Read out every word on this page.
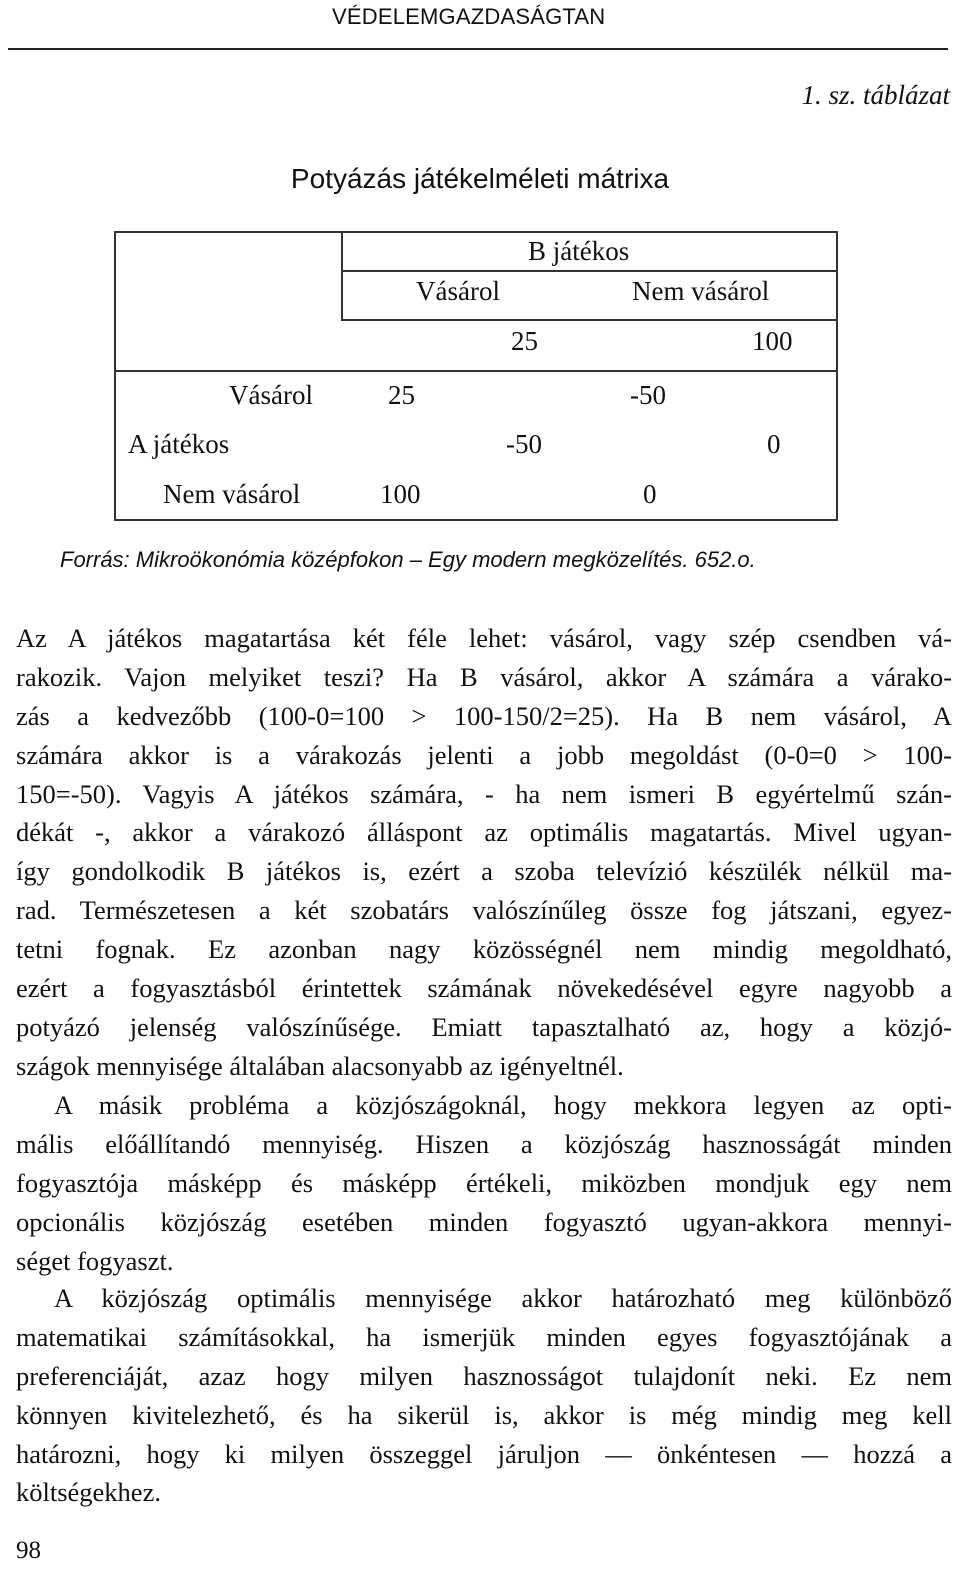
VÉDELEMGAZDASÁGTAN
1. sz. táblázat
Potyázás játékelméleti mátrixa
B játékos
Vásárol	Nem vásárol
25	100
Vásárol	25	-50
A játékos	-50	0
Nem vásárol	100	0
Forrás: Mikroökonómia középfokon – Egy modern megközelítés. 652.o.
Az A játékos magatartása két féle lehet: vásárol, vagy szép csendben vá-
rakozik. Vajon melyiket teszi? Ha B vásárol, akkor A számára a várako-
zás a kedvezőbb (100-0=100 > 100-150/2=25). Ha B nem vásárol, A
számára akkor is a várakozás jelenti a jobb megoldást (0-0=0 > 100-
150=-50). Vagyis A játékos számára, - ha nem ismeri B egyértelmű szán-
dékát -, akkor a várakozó álláspont az optimális magatartás. Mivel ugyan-
így gondolkodik B játékos is, ezért a szoba televízió készülék nélkül ma-
rad. Természetesen a két szobatárs valószínűleg össze fog játszani, egyez-
tetni fognak. Ez azonban nagy közösségnél nem mindig megoldható,
ezért a fogyasztásból érintettek számának növekedésével egyre nagyobb a
potyázó jelenség valószínűsége. Emiatt tapasztalható az, hogy a közjó-
szágok mennyisége általában alacsonyabb az igényeltnél.
A másik probléma a közjószágoknál, hogy mekkora legyen az opti-
mális előállítandó mennyiség. Hiszen a közjószág hasznosságát minden
fogyasztója másképp és másképp értékeli, miközben mondjuk egy nem
opcionális közjószág esetében minden fogyasztó ugyan-akkora mennyi-
séget fogyaszt.
A közjószág optimális mennyisége akkor határozható meg különböző
matematikai számításokkal, ha ismerjük minden egyes fogyasztójának a
preferenciáját, azaz hogy milyen hasznosságot tulajdonít neki. Ez nem
könnyen kivitelezhető, és ha sikerül is, akkor is még mindig meg kell
határozni, hogy ki milyen összeggel járuljon — önkéntesen — hozzá a
költségekhez.
98
